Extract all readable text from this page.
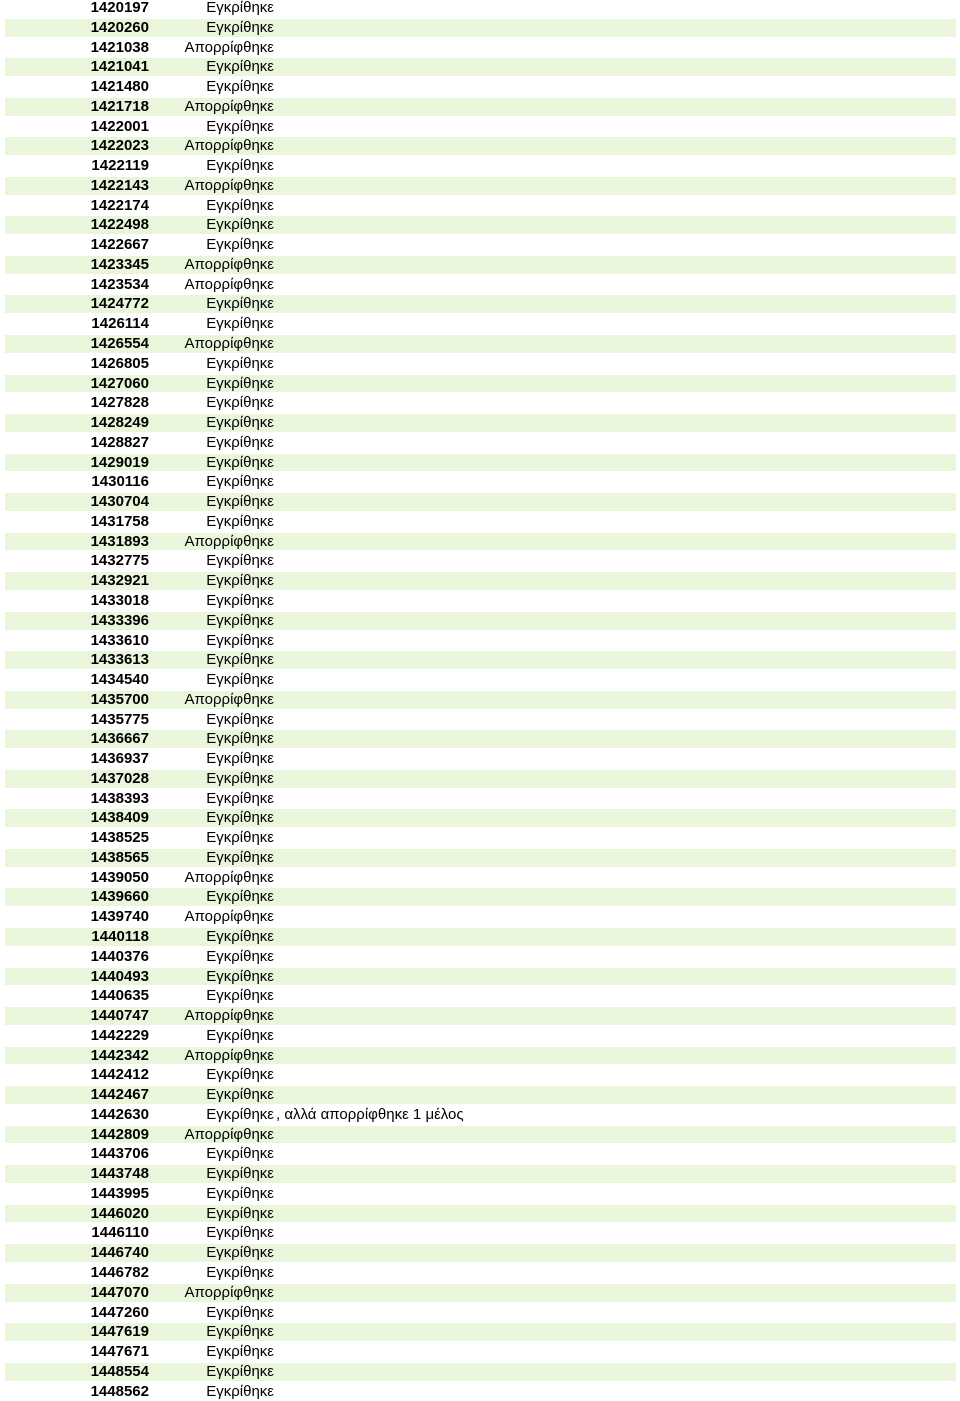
1420197	Εγκρίθηκε
1420260	Εγκρίθηκε
1421038	Απορρίφθηκε
1421041	Εγκρίθηκε
1421480	Εγκρίθηκε
1421718	Απορρίφθηκε
1422001	Εγκρίθηκε
1422023	Απορρίφθηκε
1422119	Εγκρίθηκε
1422143	Απορρίφθηκε
1422174	Εγκρίθηκε
1422498	Εγκρίθηκε
1422667	Εγκρίθηκε
1423345	Απορρίφθηκε
1423534	Απορρίφθηκε
1424772	Εγκρίθηκε
1426114	Εγκρίθηκε
1426554	Απορρίφθηκε
1426805	Εγκρίθηκε
1427060	Εγκρίθηκε
1427828	Εγκρίθηκε
1428249	Εγκρίθηκε
1428827	Εγκρίθηκε
1429019	Εγκρίθηκε
1430116	Εγκρίθηκε
1430704	Εγκρίθηκε
1431758	Εγκρίθηκε
1431893	Απορρίφθηκε
1432775	Εγκρίθηκε
1432921	Εγκρίθηκε
1433018	Εγκρίθηκε
1433396	Εγκρίθηκε
1433610	Εγκρίθηκε
1433613	Εγκρίθηκε
1434540	Εγκρίθηκε
1435700	Απορρίφθηκε
1435775	Εγκρίθηκε
1436667	Εγκρίθηκε
1436937	Εγκρίθηκε
1437028	Εγκρίθηκε
1438393	Εγκρίθηκε
1438409	Εγκρίθηκε
1438525	Εγκρίθηκε
1438565	Εγκρίθηκε
1439050	Απορρίφθηκε
1439660	Εγκρίθηκε
1439740	Απορρίφθηκε
1440118	Εγκρίθηκε
1440376	Εγκρίθηκε
1440493	Εγκρίθηκε
1440635	Εγκρίθηκε
1440747	Απορρίφθηκε
1442229	Εγκρίθηκε
1442342	Απορρίφθηκε
1442412	Εγκρίθηκε
1442467	Εγκρίθηκε
1442630	Εγκρίθηκε , αλλά απορρίφθηκε 1 μέλος
1442809	Απορρίφθηκε
1443706	Εγκρίθηκε
1443748	Εγκρίθηκε
1443995	Εγκρίθηκε
1446020	Εγκρίθηκε
1446110	Εγκρίθηκε
1446740	Εγκρίθηκε
1446782	Εγκρίθηκε
1447070	Απορρίφθηκε
1447260	Εγκρίθηκε
1447619	Εγκρίθηκε
1447671	Εγκρίθηκε
1448554	Εγκρίθηκε
1448562	Εγκρίθηκε
